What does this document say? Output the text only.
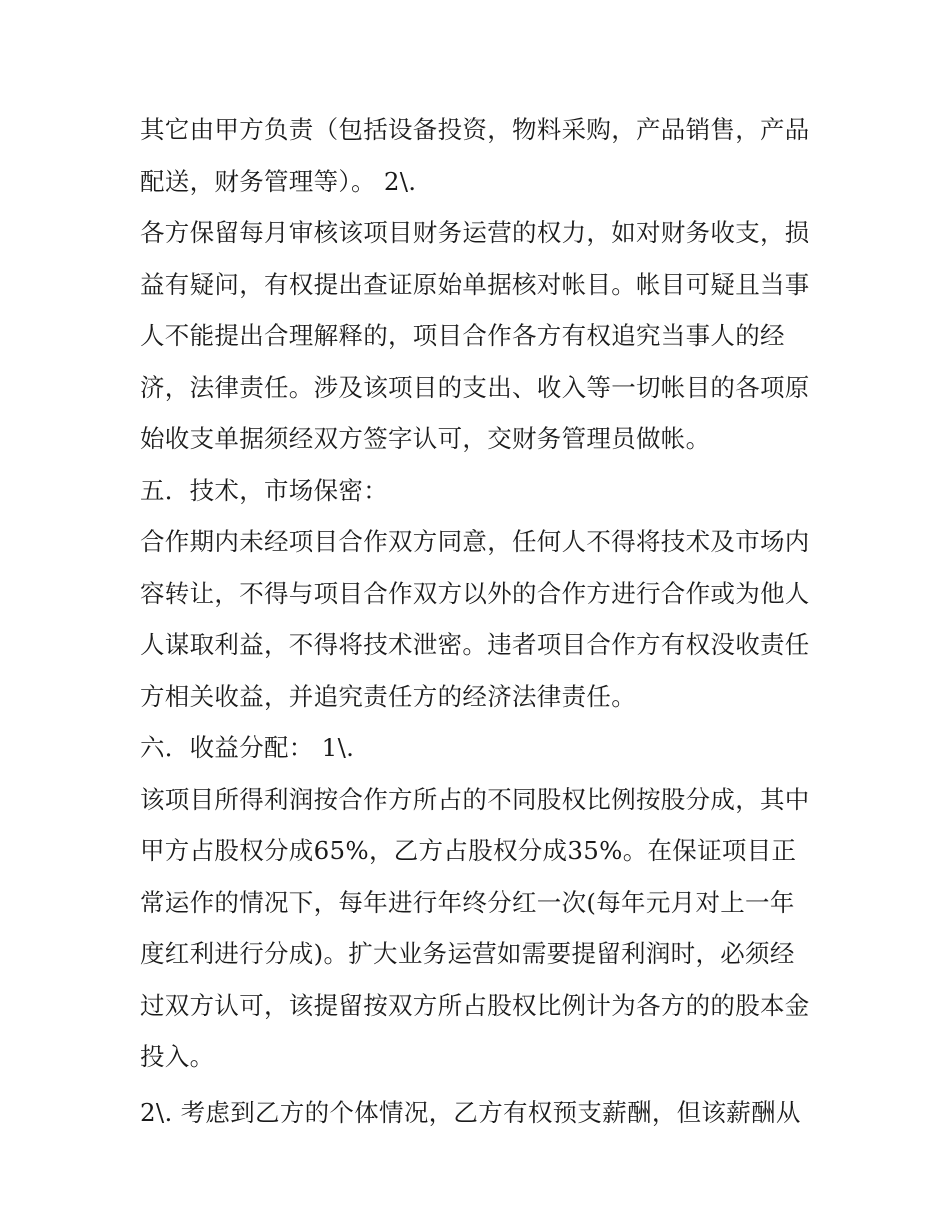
其它由甲方负责（包括设备投资，物料采购，产品销售，产品
配送，财务管理等）。 2\.
各方保留每月审核该项目财务运营的权力，如对财务收支，损
益有疑问，有权提出查证原始单据核对帐目。帐目可疑且当事
人不能提出合理解释的，项目合作各方有权追究当事人的经
济，法律责任。涉及该项目的支出、收入等一切帐目的各项原
始收支单据须经双方签字认可，交财务管理员做帐。
五．技术，市场保密：
合作期内未经项目合作双方同意，任何人不得将技术及市场内
容转让，不得与项目合作双方以外的合作方进行合作或为他人
人谋取利益，不得将技术泄密。违者项目合作方有权没收责任
方相关收益，并追究责任方的经济法律责任。
六．收益分配： 1\.
该项目所得利润按合作方所占的不同股权比例按股分成，其中
甲方占股权分成65%，乙方占股权分成35%。在保证项目正
常运作的情况下，每年进行年终分红一次(每年元月对上一年
度红利进行分成)。扩大业务运营如需要提留利润时，必须经
过双方认可，该提留按双方所占股权比例计为各方的的股本金
投入。
2\. 考虑到乙方的个体情况，乙方有权预支薪酬，但该薪酬从
